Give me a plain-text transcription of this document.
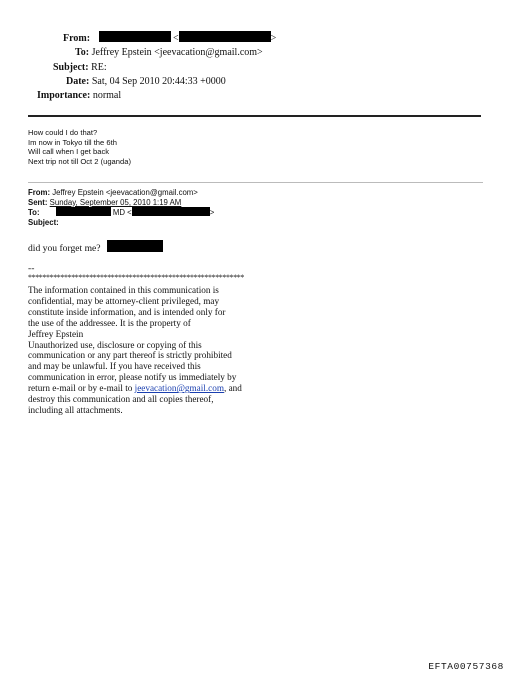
From:	<	>
To: Jeffrey Epstein <jeevacation@gmail.com>
Subject: RE:
Date: Sat, 04 Sep 2010 20:44:33 +0000
Importance: normal
How could I do that?
Im now in Tokyo till the 6th
Will call when I get back
Next trip not till Oct 2 (uganda)
From: Jeffrey Epstein <jeevacation@gmail.com>
Sent: Sunday, September 05, 2010 1:19 AM
To:	MD <	>
Subject:
did you forget me?
--
************************************************************
The information contained in this communication is
confidential, may be attorney-client privileged, may
constitute inside information, and is intended only for
the use of the addressee. It is the property of
Jeffrey Epstein
Unauthorized use, disclosure or copying of this
communication or any part thereof is strictly prohibited
and may be unlawful. If you have received this
communication in error, please notify us immediately by
return e-mail or by e-mail to jeevacation@gmail.com, and
destroy this communication and all copies thereof,
including all attachments.
EFTA00757368
